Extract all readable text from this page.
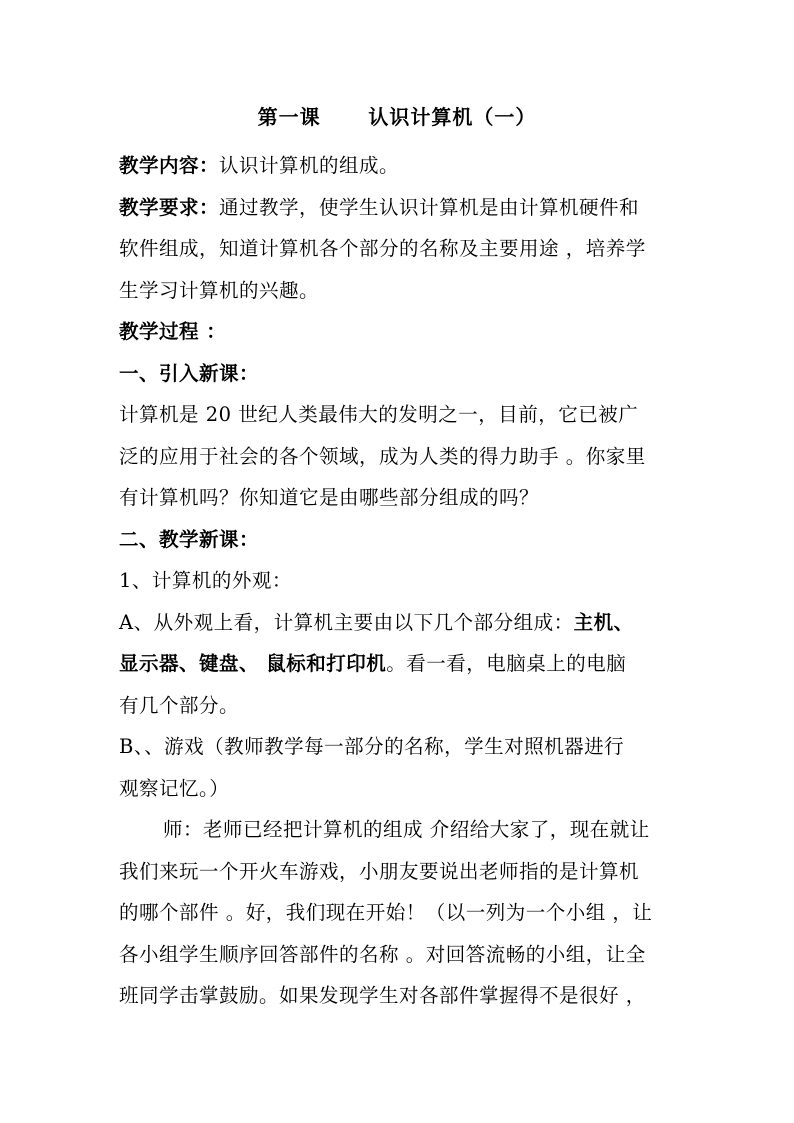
第一课      认识计算机（一）
教学内容：认识计算机的组成。
教学要求：通过教学，使学生认识计算机是由计算机硬件和
软件组成，知道计算机各个部分的名称及主要用途 ，培养学
生学习计算机的兴趣。
教学过程 ：
一、引入新课：
计算机是 20 世纪人类最伟大的发明之一，目前，它已被广
泛的应用于社会的各个领域，成为人类的得力助手 。你家里
有计算机吗？你知道它是由哪些部分组成的吗？
二、教学新课：
1、计算机的外观：
A、从外观上看，计算机主要由以下几个部分组成：主机、
显示器、键盘、 鼠标和打印机。看一看，电脑桌上的电脑
有几个部分。
B、、游戏（教师教学每一部分的名称，学生对照机器进行
观察记忆。）
师：老师已经把计算机的组成 介绍给大家了，现在就让
我们来玩一个开火车游戏，小朋友要说出老师指的是计算机
的哪个部件 。好，我们现在开始！（以一列为一个小组 ，让
各小组学生顺序回答部件的名称 。对回答流畅的小组，让全
班同学击掌鼓励。如果发现学生对各部件掌握得不是很好 ，
